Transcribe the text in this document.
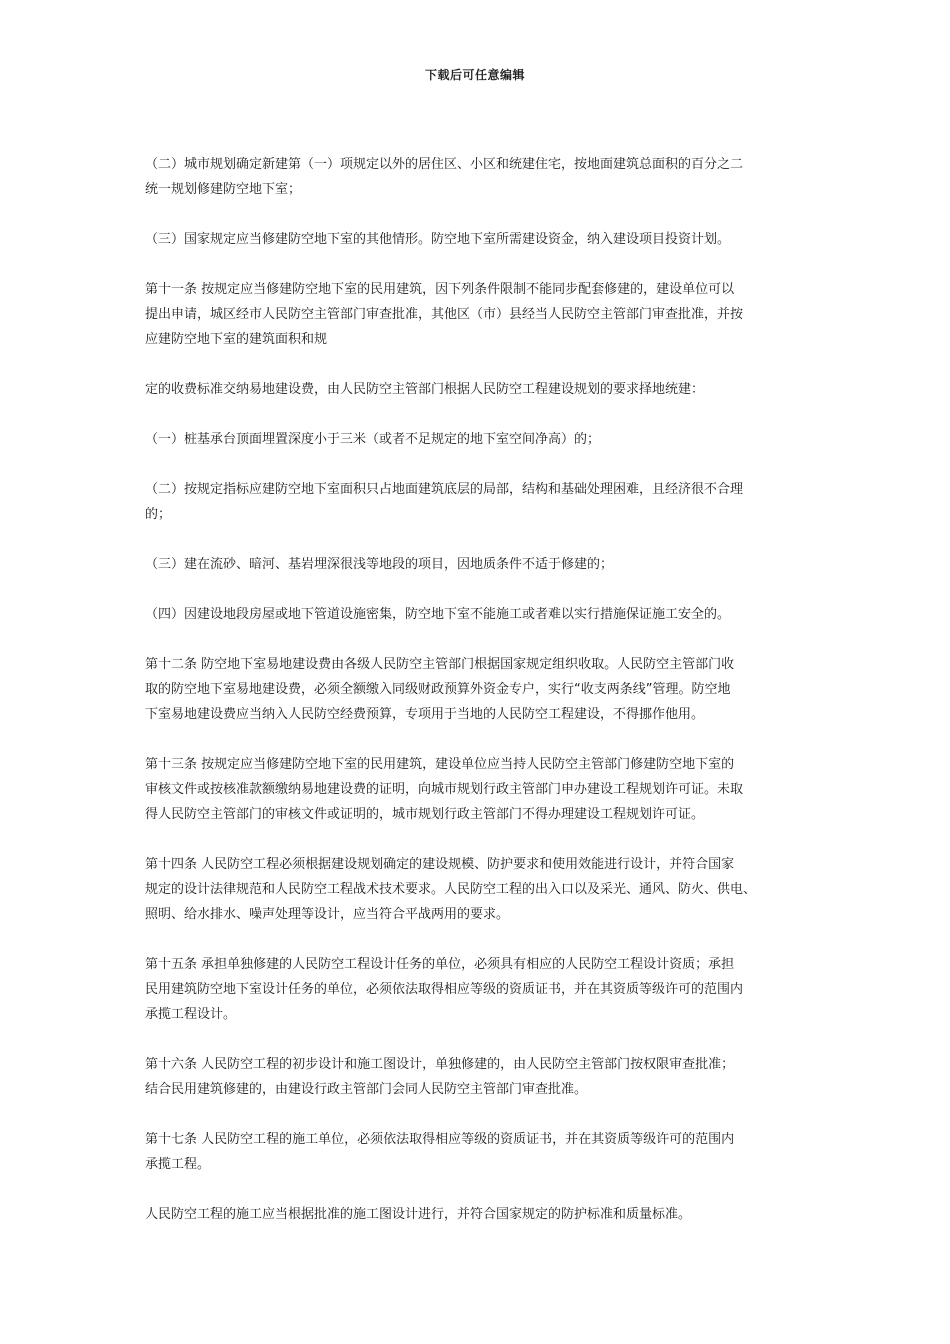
下载后可任意编辑

（二）城市规划确定新建第（一）项规定以外的居住区、小区和统建住宅，按地面建筑总面积的百分之二
统一规划修建防空地下室；

（三）国家规定应当修建防空地下室的其他情形。防空地下室所需建设资金，纳入建设项目投资计划。

第十一条 按规定应当修建防空地下室的民用建筑，因下列条件限制不能同步配套修建的，建设单位可以
提出申请，城区经市人民防空主管部门审查批准，其他区（市）县经当人民防空主管部门审查批准，并按
应建防空地下室的建筑面积和规

定的收费标准交纳易地建设费，由人民防空主管部门根据人民防空工程建设规划的要求择地统建：

（一）桩基承台顶面埋置深度小于三米（或者不足规定的地下室空间净高）的；

（二）按规定指标应建防空地下室面积只占地面建筑底层的局部，结构和基础处理困难，且经济很不合理
的；

（三）建在流砂、暗河、基岩埋深很浅等地段的项目，因地质条件不适于修建的；

（四）因建设地段房屋或地下管道设施密集，防空地下室不能施工或者难以实行措施保证施工安全的。

第十二条 防空地下室易地建设费由各级人民防空主管部门根据国家规定组织收取。人民防空主管部门收
取的防空地下室易地建设费，必须全额缴入同级财政预算外资金专户，实行“收支两条线”管理。防空地
下室易地建设费应当纳入人民防空经费预算，专项用于当地的人民防空工程建设，不得挪作他用。

第十三条 按规定应当修建防空地下室的民用建筑，建设单位应当持人民防空主管部门修建防空地下室的
审核文件或按核准款额缴纳易地建设费的证明，向城市规划行政主管部门申办建设工程规划许可证。未取
得人民防空主管部门的审核文件或证明的，城市规划行政主管部门不得办理建设工程规划许可证。

第十四条 人民防空工程必须根据建设规划确定的建设规模、防护要求和使用效能进行设计，并符合国家
规定的设计法律规范和人民防空工程战术技术要求。人民防空工程的出入口以及采光、通风、防火、供电、
照明、给水排水、噪声处理等设计，应当符合平战两用的要求。

第十五条 承担单独修建的人民防空工程设计任务的单位，必须具有相应的人民防空工程设计资质；承担
民用建筑防空地下室设计任务的单位，必须依法取得相应等级的资质证书，并在其资质等级许可的范围内
承揽工程设计。

第十六条 人民防空工程的初步设计和施工图设计，单独修建的，由人民防空主管部门按权限审查批准；
结合民用建筑修建的，由建设行政主管部门会同人民防空主管部门审查批准。

第十七条 人民防空工程的施工单位，必须依法取得相应等级的资质证书，并在其资质等级许可的范围内
承揽工程。

人民防空工程的施工应当根据批准的施工图设计进行，并符合国家规定的防护标准和质量标准。
